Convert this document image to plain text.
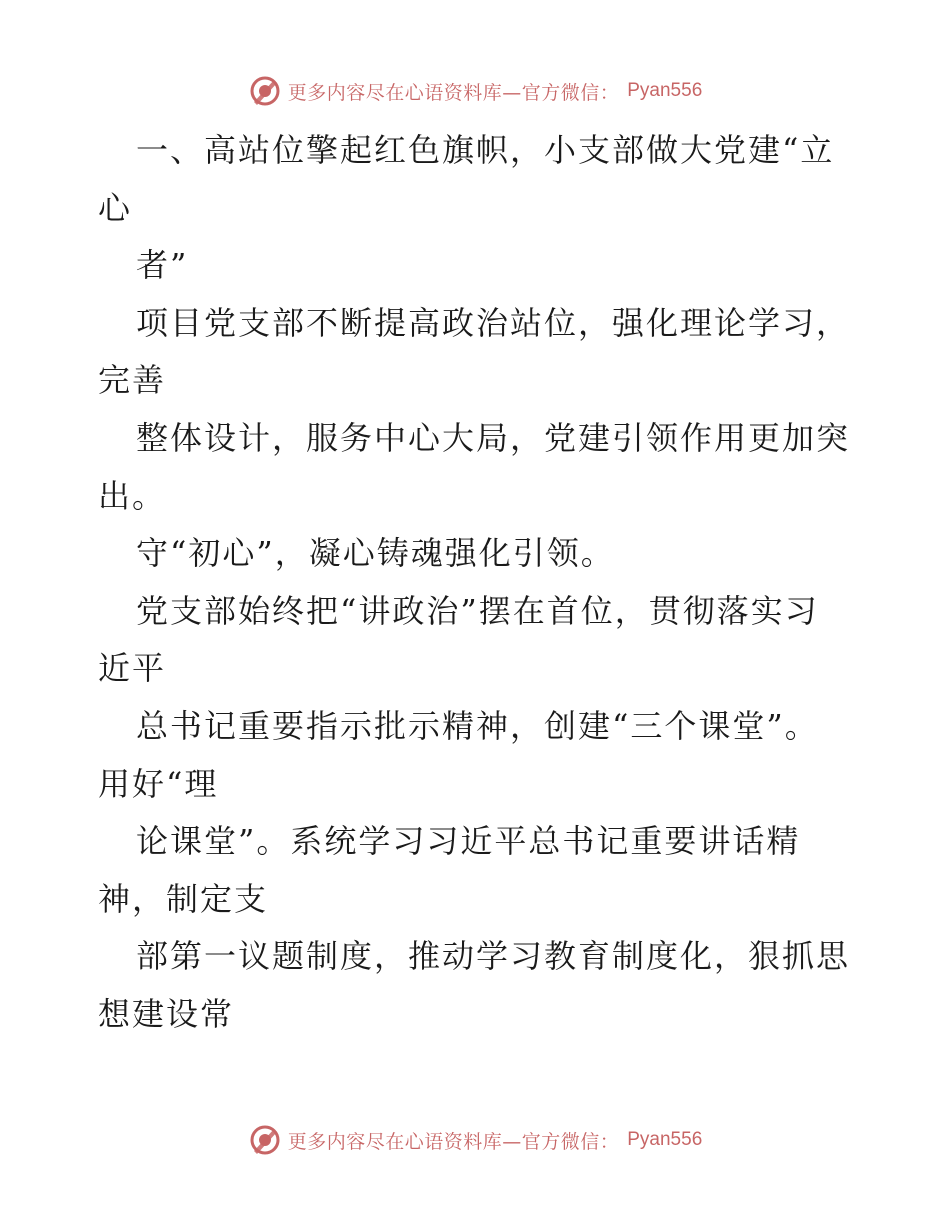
更多内容尽在心语资料库—官方微信： Pyan556
一、高站位擎起红色旗帜，小支部做大党建“立
心
者”
项目党支部不断提高政治站位，强化理论学习，
完善
整体设计，服务中心大局，党建引领作用更加突
出。
守“初心”，凝心铸魂强化引领。
党支部始终把“讲政治”摆在首位，贯彻落实习
近平
总书记重要指示批示精神，创建“三个课堂”。
用好“理
论课堂”。系统学习习近平总书记重要讲话精
神，制定支
部第一议题制度，推动学习教育制度化，狠抓思
想建设常
更多内容尽在心语资料库—官方微信： Pyan556
